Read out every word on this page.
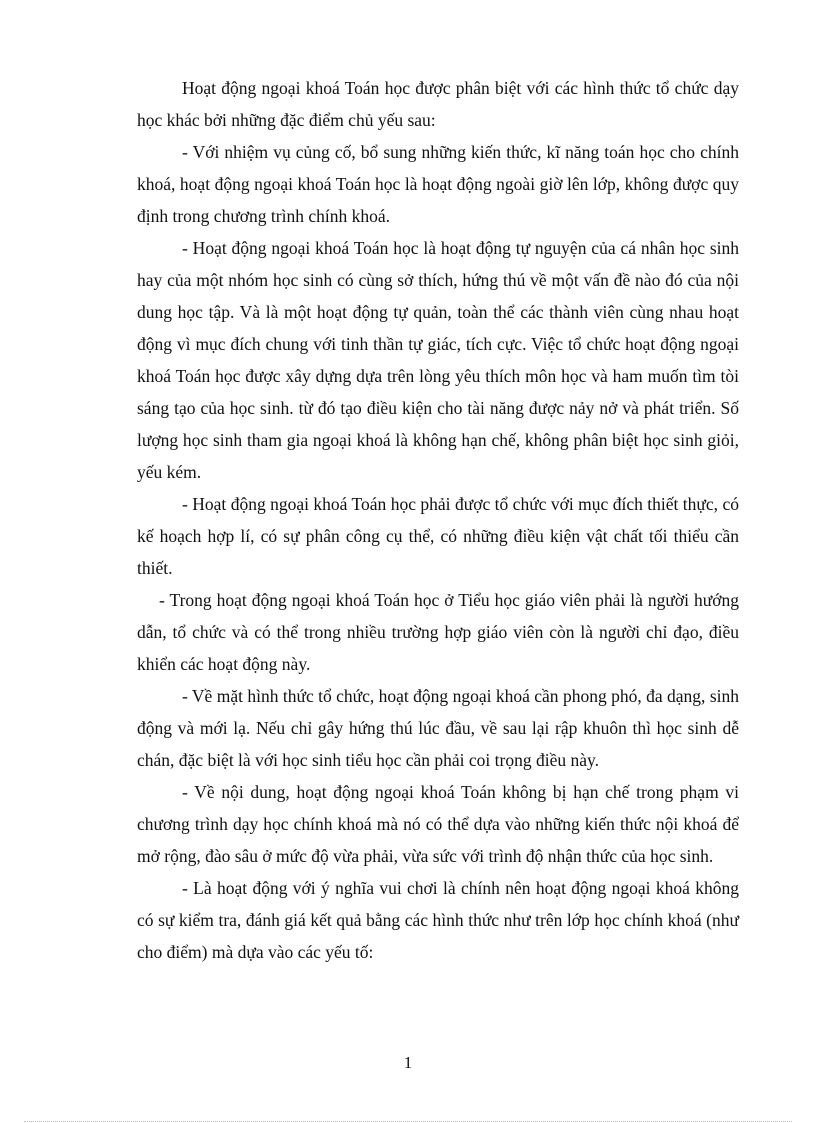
Hoạt động ngoại khoá Toán học được phân biệt với các hình thức tổ chức dạy học khác bởi những đặc điểm chủ yếu sau:

- Với nhiệm vụ củng cố, bổ sung những kiến thức, kĩ năng toán học cho chính khoá, hoạt động ngoại khoá Toán học là hoạt động ngoài giờ lên lớp, không được quy định trong chương trình chính khoá.

- Hoạt động ngoại khoá Toán học là hoạt động tự nguyện của cá nhân học sinh hay của một nhóm học sinh có cùng sở thích, hứng thú về một vấn đề nào đó của nội dung học tập. Và là một hoạt động tự quản, toàn thể các thành viên cùng nhau hoạt động vì mục đích chung với tinh thần tự giác, tích cực. Việc tổ chức hoạt động ngoại khoá Toán học được xây dựng dựa trên lòng yêu thích môn học và ham muốn tìm tòi sáng tạo của học sinh. từ đó tạo điều kiện cho tài năng được nảy nở và phát triển. Số lượng học sinh tham gia ngoại khoá là không hạn chế, không phân biệt học sinh giỏi, yếu kém.

- Hoạt động ngoại khoá Toán học phải được tổ chức với mục đích thiết thực, có kế hoạch hợp lí, có sự phân công cụ thể, có những điều kiện vật chất tối thiểu cần thiết.

- Trong hoạt động ngoại khoá Toán học ở Tiểu học giáo viên phải là người hướng dẫn, tổ chức và có thể trong nhiều trường hợp giáo viên còn là người chỉ đạo, điều khiển các hoạt động này.

- Về mặt hình thức tổ chức, hoạt động ngoại khoá cần phong phó, đa dạng, sinh động và mới lạ. Nếu chỉ gây hứng thú lúc đầu, về sau lại rập khuôn thì học sinh dễ chán, đặc biệt là với học sinh tiểu học cần phải coi trọng điều này.

- Về nội dung, hoạt động ngoại khoá Toán không bị hạn chế trong phạm vi chương trình dạy học chính khoá mà nó có thể dựa vào những kiến thức nội khoá để mở rộng, đào sâu ở mức độ vừa phải, vừa sức với trình độ nhận thức của học sinh.

- Là hoạt động với ý nghĩa vui chơi là chính nên hoạt động ngoại khoá không có sự kiểm tra, đánh giá kết quả bằng các hình thức như trên lớp học chính khoá (như cho điểm) mà dựa vào các yếu tố:

1
